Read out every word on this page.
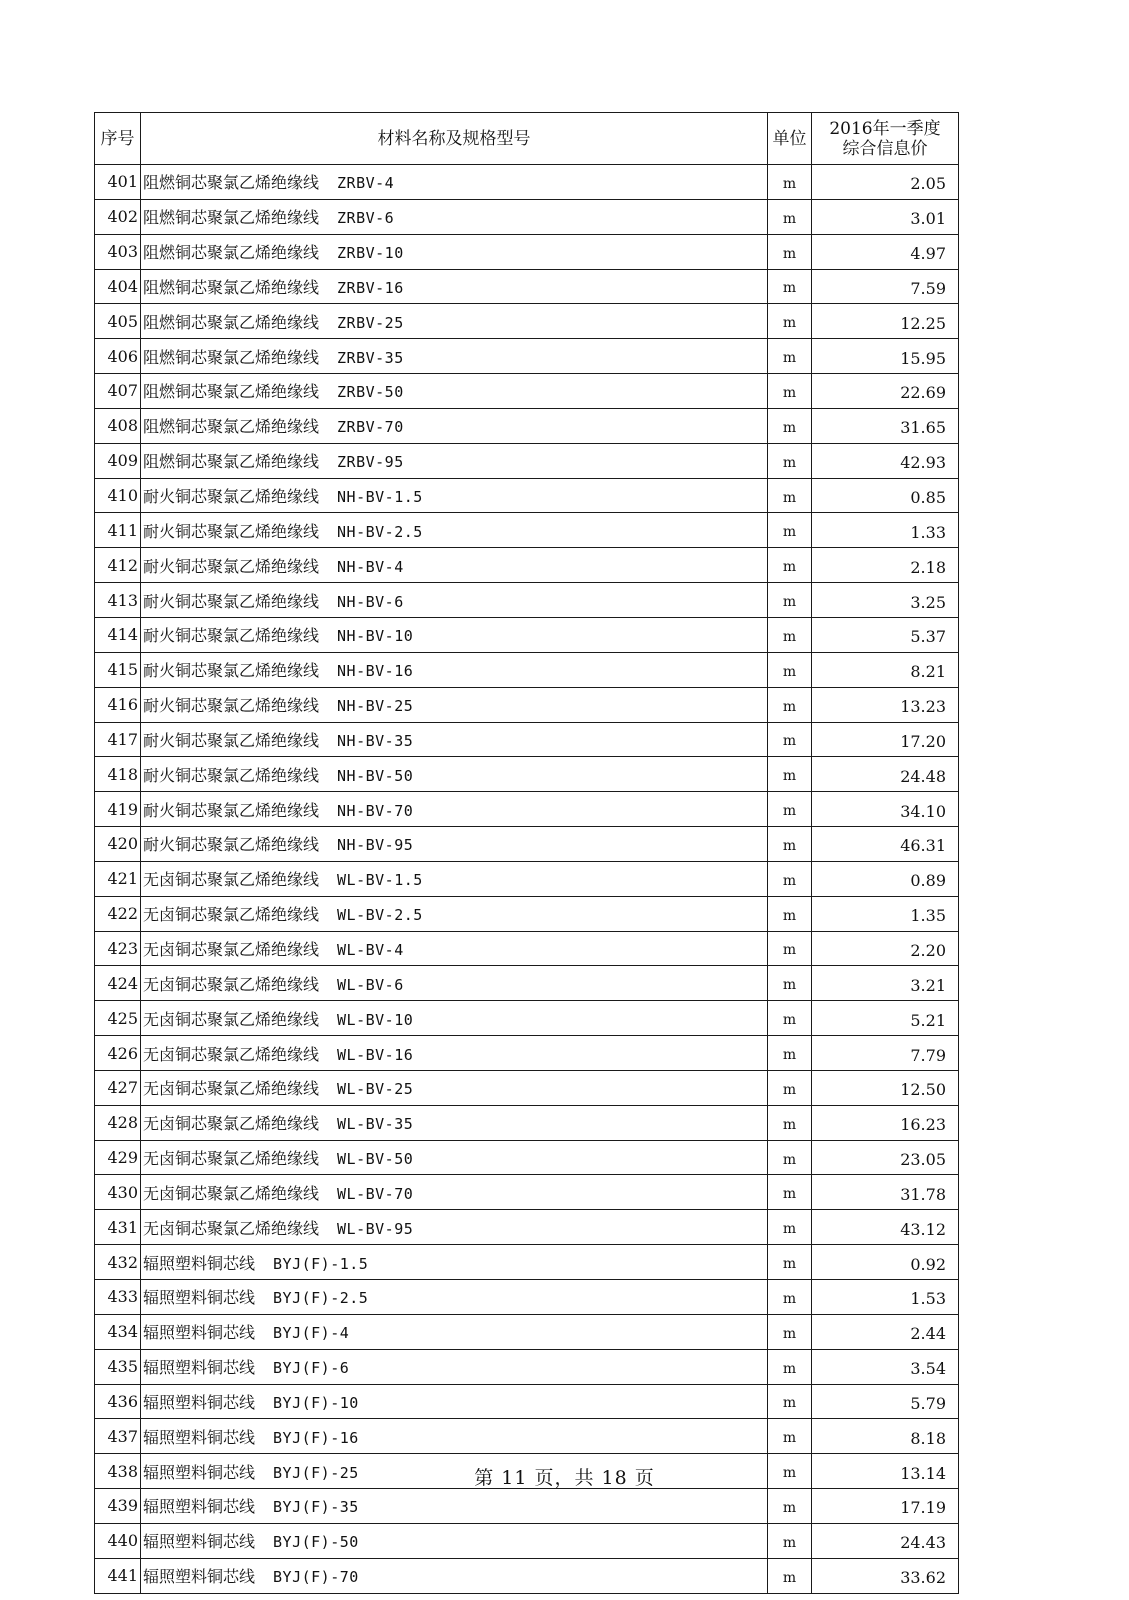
序号	材料名称及规格型号	单位	2016年一季度
综合信息价

401	阻燃铜芯聚氯乙烯绝缘线 ZRBV-4	m	2.05
402	阻燃铜芯聚氯乙烯绝缘线 ZRBV-6	m	3.01
403	阻燃铜芯聚氯乙烯绝缘线 ZRBV-10	m	4.97
404	阻燃铜芯聚氯乙烯绝缘线 ZRBV-16	m	7.59
405	阻燃铜芯聚氯乙烯绝缘线 ZRBV-25	m	12.25
406	阻燃铜芯聚氯乙烯绝缘线 ZRBV-35	m	15.95
407	阻燃铜芯聚氯乙烯绝缘线 ZRBV-50	m	22.69
408	阻燃铜芯聚氯乙烯绝缘线 ZRBV-70	m	31.65
409	阻燃铜芯聚氯乙烯绝缘线 ZRBV-95	m	42.93
410	耐火铜芯聚氯乙烯绝缘线 NH-BV-1.5	m	0.85
411	耐火铜芯聚氯乙烯绝缘线 NH-BV-2.5	m	1.33
412	耐火铜芯聚氯乙烯绝缘线 NH-BV-4	m	2.18
413	耐火铜芯聚氯乙烯绝缘线 NH-BV-6	m	3.25
414	耐火铜芯聚氯乙烯绝缘线 NH-BV-10	m	5.37
415	耐火铜芯聚氯乙烯绝缘线 NH-BV-16	m	8.21
416	耐火铜芯聚氯乙烯绝缘线 NH-BV-25	m	13.23
417	耐火铜芯聚氯乙烯绝缘线 NH-BV-35	m	17.20
418	耐火铜芯聚氯乙烯绝缘线 NH-BV-50	m	24.48
419	耐火铜芯聚氯乙烯绝缘线 NH-BV-70	m	34.10
420	耐火铜芯聚氯乙烯绝缘线 NH-BV-95	m	46.31
421	无卤铜芯聚氯乙烯绝缘线 WL-BV-1.5	m	0.89
422	无卤铜芯聚氯乙烯绝缘线 WL-BV-2.5	m	1.35
423	无卤铜芯聚氯乙烯绝缘线 WL-BV-4	m	2.20
424	无卤铜芯聚氯乙烯绝缘线 WL-BV-6	m	3.21
425	无卤铜芯聚氯乙烯绝缘线 WL-BV-10	m	5.21
426	无卤铜芯聚氯乙烯绝缘线 WL-BV-16	m	7.79
427	无卤铜芯聚氯乙烯绝缘线 WL-BV-25	m	12.50
428	无卤铜芯聚氯乙烯绝缘线 WL-BV-35	m	16.23
429	无卤铜芯聚氯乙烯绝缘线 WL-BV-50	m	23.05
430	无卤铜芯聚氯乙烯绝缘线 WL-BV-70	m	31.78
431	无卤铜芯聚氯乙烯绝缘线 WL-BV-95	m	43.12
432	辐照塑料铜芯线 BYJ(F)-1.5	m	0.92
433	辐照塑料铜芯线 BYJ(F)-2.5	m	1.53
434	辐照塑料铜芯线 BYJ(F)-4	m	2.44
435	辐照塑料铜芯线 BYJ(F)-6	m	3.54
436	辐照塑料铜芯线 BYJ(F)-10	m	5.79
437	辐照塑料铜芯线 BYJ(F)-16	m	8.18
438	辐照塑料铜芯线 BYJ(F)-25	m	13.14
439	辐照塑料铜芯线 BYJ(F)-35	m	17.19
440	辐照塑料铜芯线 BYJ(F)-50	m	24.43
441	辐照塑料铜芯线 BYJ(F)-70	m	33.62
第 11 页，共 18 页
